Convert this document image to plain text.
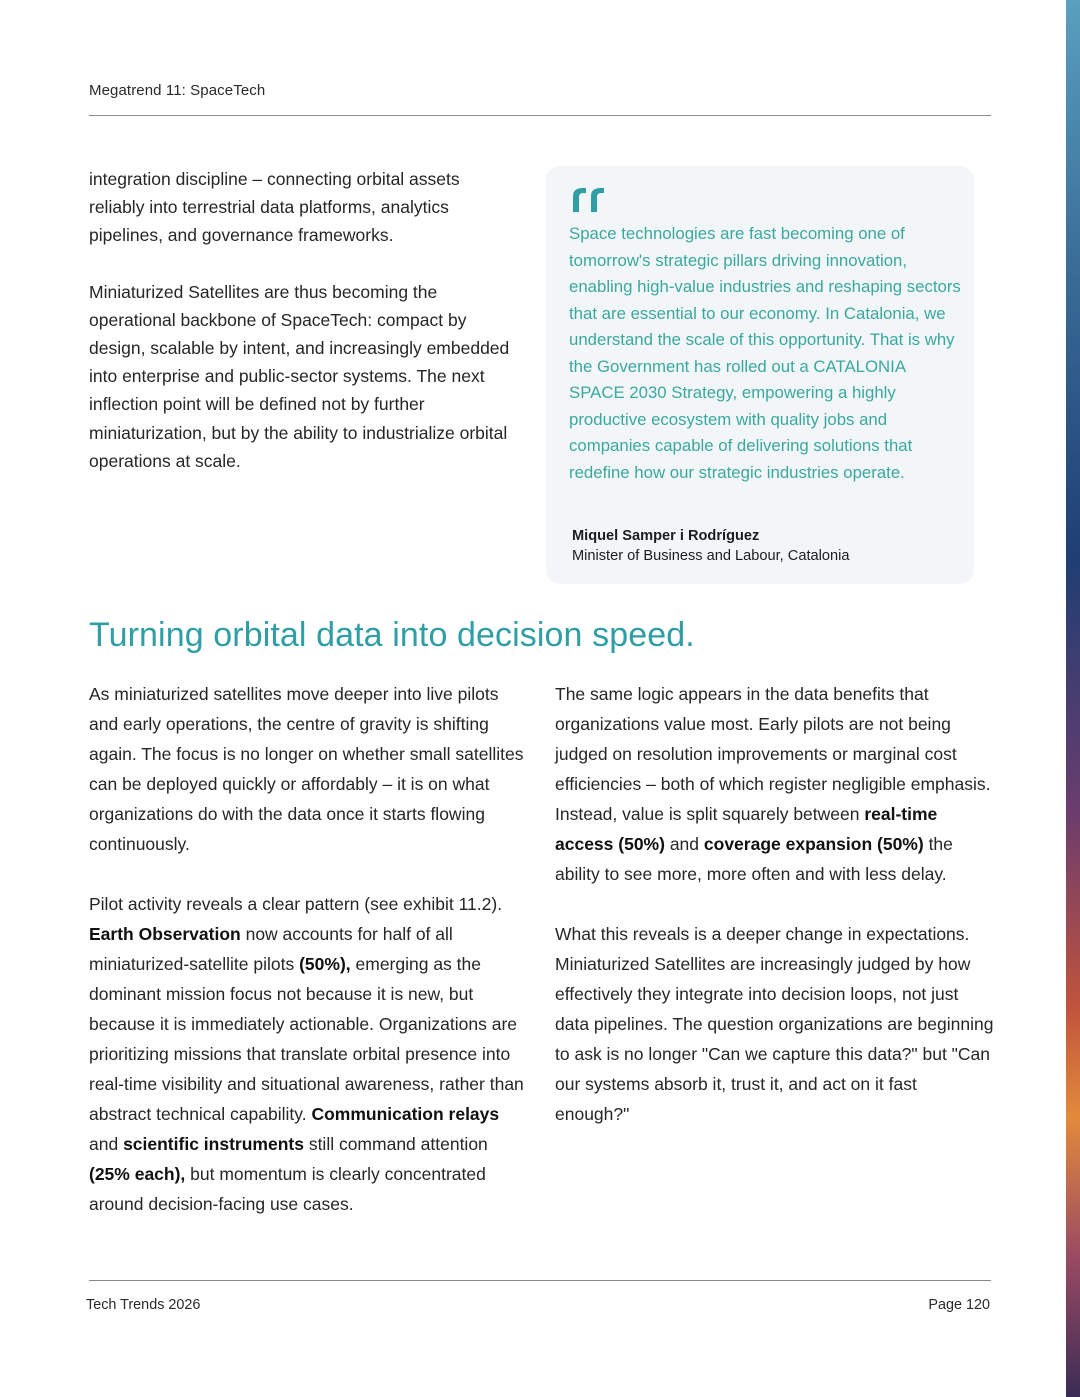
Megatrend 11: SpaceTech

integration discipline – connecting orbital assets reliably into terrestrial data platforms, analytics pipelines, and governance frameworks.

Miniaturized Satellites are thus becoming the operational backbone of SpaceTech: compact by design, scalable by intent, and increasingly embedded into enterprise and public-sector systems. The next inflection point will be defined not by further miniaturization, but by the ability to industrialize orbital operations at scale.

Space technologies are fast becoming one of tomorrow's strategic pillars driving innovation, enabling high-value industries and reshaping sectors that are essential to our economy. In Catalonia, we understand the scale of this opportunity. That is why the Government has rolled out a CATALONIA SPACE 2030 Strategy, empowering a highly productive ecosystem with quality jobs and companies capable of delivering solutions that redefine how our strategic industries operate.

Miquel Samper i Rodríguez
Minister of Business and Labour, Catalonia
Turning orbital data into decision speed.

As miniaturized satellites move deeper into live pilots and early operations, the centre of gravity is shifting again. The focus is no longer on whether small satellites can be deployed quickly or affordably – it is on what organizations do with the data once it starts flowing continuously.

Pilot activity reveals a clear pattern (see exhibit 11.2). Earth Observation now accounts for half of all miniaturized-satellite pilots (50%), emerging as the dominant mission focus not because it is new, but because it is immediately actionable. Organizations are prioritizing missions that translate orbital presence into real-time visibility and situational awareness, rather than abstract technical capability. Communication relays and scientific instruments still command attention (25% each), but momentum is clearly concentrated around decision-facing use cases.

The same logic appears in the data benefits that organizations value most. Early pilots are not being judged on resolution improvements or marginal cost efficiencies – both of which register negligible emphasis. Instead, value is split squarely between real-time access (50%) and coverage expansion (50%) the ability to see more, more often and with less delay.

What this reveals is a deeper change in expectations. Miniaturized Satellites are increasingly judged by how effectively they integrate into decision loops, not just data pipelines. The question organizations are beginning to ask is no longer "Can we capture this data?" but "Can our systems absorb it, trust it, and act on it fast enough?"

Tech Trends 2026	Page 120
